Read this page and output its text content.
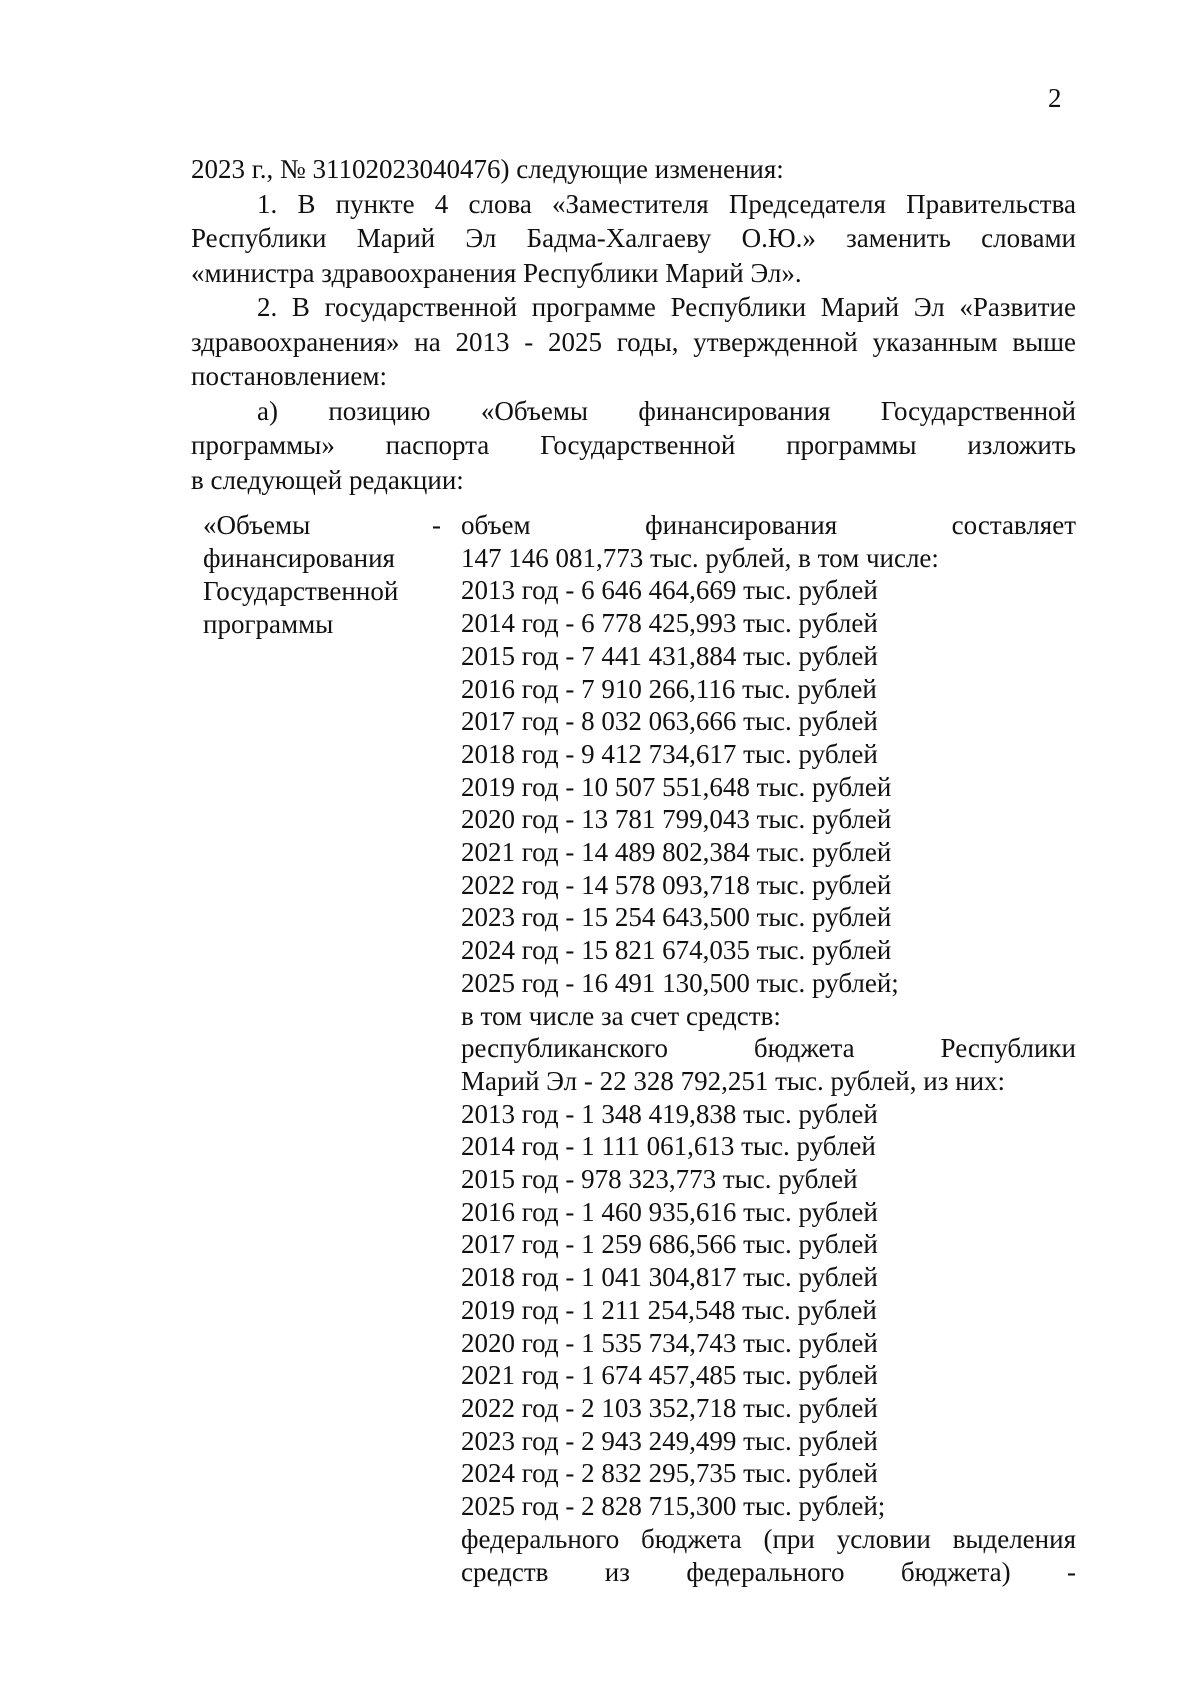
2

2023 г., № 31102023040476) следующие изменения:

1. В пункте 4 слова «Заместителя Председателя Правительства

Республики Марий Эл Бадма-Халгаеву О.Ю.» заменить словами

«министра здравоохранения Республики Марий Эл».

2. В государственной программе Республики Марий Эл «Развитие

здравоохранения» на 2013 - 2025 годы, утвержденной указанным выше

постановлением:

а) позицию «Объемы финансирования Государственной

программы» паспорта Государственной программы изложить

в следующей редакции:

«Объемы
финансирования
Государственной
программы
- объем финансирования составляет
147 146 081,773 тыс. рублей, в том числе:
2013 год - 6 646 464,669 тыс. рублей
2014 год - 6 778 425,993 тыс. рублей
2015 год - 7 441 431,884 тыс. рублей
2016 год - 7 910 266,116 тыс. рублей
2017 год - 8 032 063,666 тыс. рублей
2018 год - 9 412 734,617 тыс. рублей
2019 год - 10 507 551,648 тыс. рублей
2020 год - 13 781 799,043 тыс. рублей
2021 год - 14 489 802,384 тыс. рублей
2022 год - 14 578 093,718 тыс. рублей
2023 год - 15 254 643,500 тыс. рублей
2024 год - 15 821 674,035 тыс. рублей
2025 год - 16 491 130,500 тыс. рублей;
в том числе за счет средств:
республиканского бюджета Республики
Марий Эл - 22 328 792,251 тыс. рублей, из них:
2013 год - 1 348 419,838 тыс. рублей
2014 год - 1 111 061,613 тыс. рублей
2015 год - 978 323,773 тыс. рублей
2016 год - 1 460 935,616 тыс. рублей
2017 год - 1 259 686,566 тыс. рублей
2018 год - 1 041 304,817 тыс. рублей
2019 год - 1 211 254,548 тыс. рублей
2020 год - 1 535 734,743 тыс. рублей
2021 год - 1 674 457,485 тыс. рублей
2022 год - 2 103 352,718 тыс. рублей
2023 год - 2 943 249,499 тыс. рублей
2024 год - 2 832 295,735 тыс. рублей
2025 год - 2 828 715,300 тыс. рублей;
федерального бюджета (при условии выделения
средств из федерального бюджета) -
